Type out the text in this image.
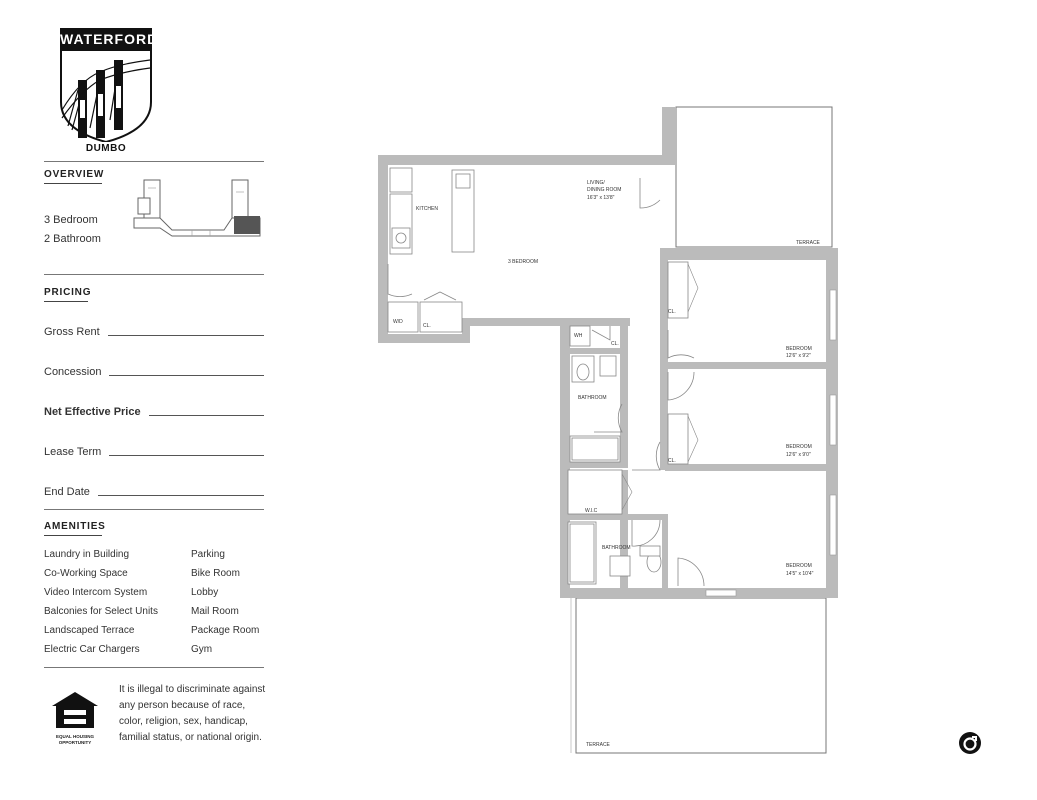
WATERFORD
DUMBO
OVERVIEW
3 Bedroom
2 Bathroom
PRICING
Gross Rent
Concession
Net Effective Price
Lease Term
End Date
AMENITIES
Laundry in Building
Co-Working Space
Video Intercom System
Balconies for Select Units
Landscaped Terrace
Electric Car Chargers
Parking
Bike Room
Lobby
Mail Room
Package Room
Gym
EQUAL HOUSING
OPPORTUNITY
It is illegal to discriminate against any person because of race, color, religion, sex, handicap, familial status, or national origin.
KITCHEN
LIVING/
DINING ROOM
16'3" x 13'8"
TERRACE
3 BEDROOM
W/D
CL.
WH
CL.
CL.
CL.
BATHROOM
W.I.C
BATHROOM
BEDROOM
12'6" x 9'2"
BEDROOM
12'6" x 9'0"
BEDROOM
14'5" x 10'4"
TERRACE
